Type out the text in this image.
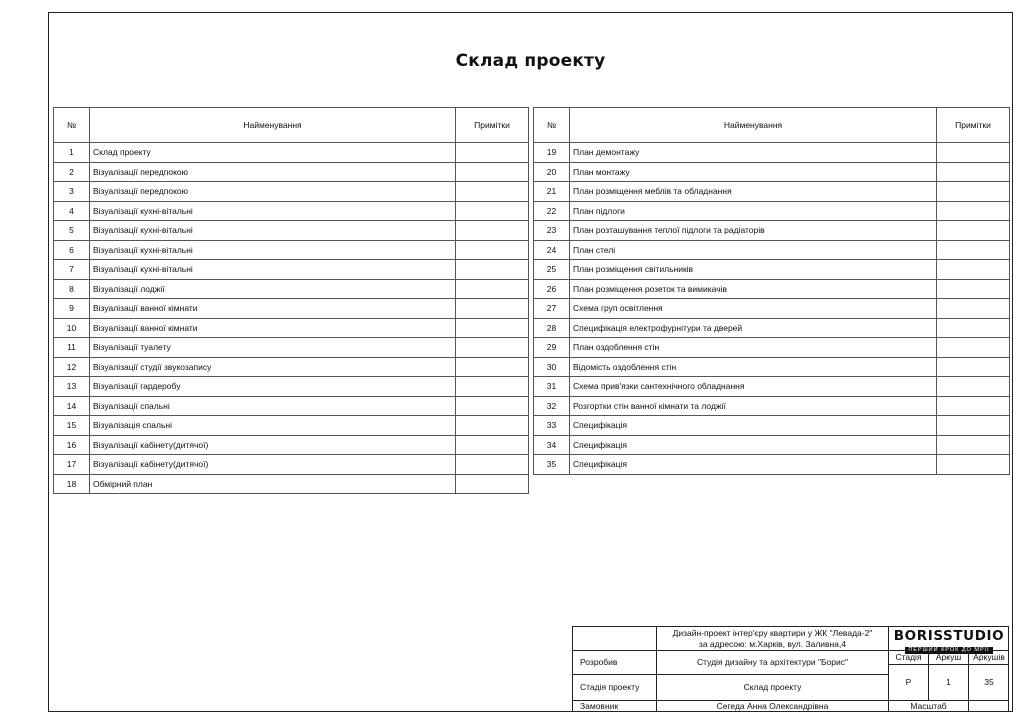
Склад проекту
№	Найменування	Примітки
1	Склад проекту	
2	Візуалізації передпокою	
3	Візуалізації передпокою	
4	Візуалізації кухні-вітальні	
5	Візуалізації кухні-вітальні	
6	Візуалізації кухні-вітальні	
7	Візуалізації кухні-вітальні	
8	Візуалізації лоджії	
9	Візуалізації ванної кімнати	
10	Візуалізації ванної кімнати	
11	Візуалізації туалету	
12	Візуалізації студії звукозапису	
13	Візуалізації гардеробу	
14	Візуалізації спальні	
15	Візуалізація спальні	
16	Візуалізації кабінету(дитячої)	
17	Візуалізації кабінету(дитячої)	
18	Обмірний план	
№	Найменування	Примітки
19	План демонтажу	
20	План монтажу	
21	План розміщення меблів та обладнання	
22	План підлоги	
23	План розташування теплої підлоги та радіаторів	
24	План стелі	
25	План розміщення світильників	
26	План розміщення розеток та вимикачів	
27	Схема груп освітлення	
28	Специфікація електрофурнітури та дверей	
29	План оздоблення стін	
30	Відомість оздоблення стін	
31	Схема прив'язки сантехнічного обладнання	
32	Розгортки стін ванної кімнати та лоджії	
33	Специфікація	
34	Специфікація	
35	Специфікація	
Дизайн-проект інтер'єру квартири у ЖК "Левада-2"
за адресою: м.Харків, вул. Заливна,4	BORISSTUDIO
ПЕРШИЙ КРОК ДО МРІЇ
Розробив	Студія дизайну та архітектури "Борис"	Стадія	Аркуш	Аркушів
Р	1	35
Стадія проекту	Склад проекту
Замовник	Сегеда Анна Олександрівна	Масштаб
